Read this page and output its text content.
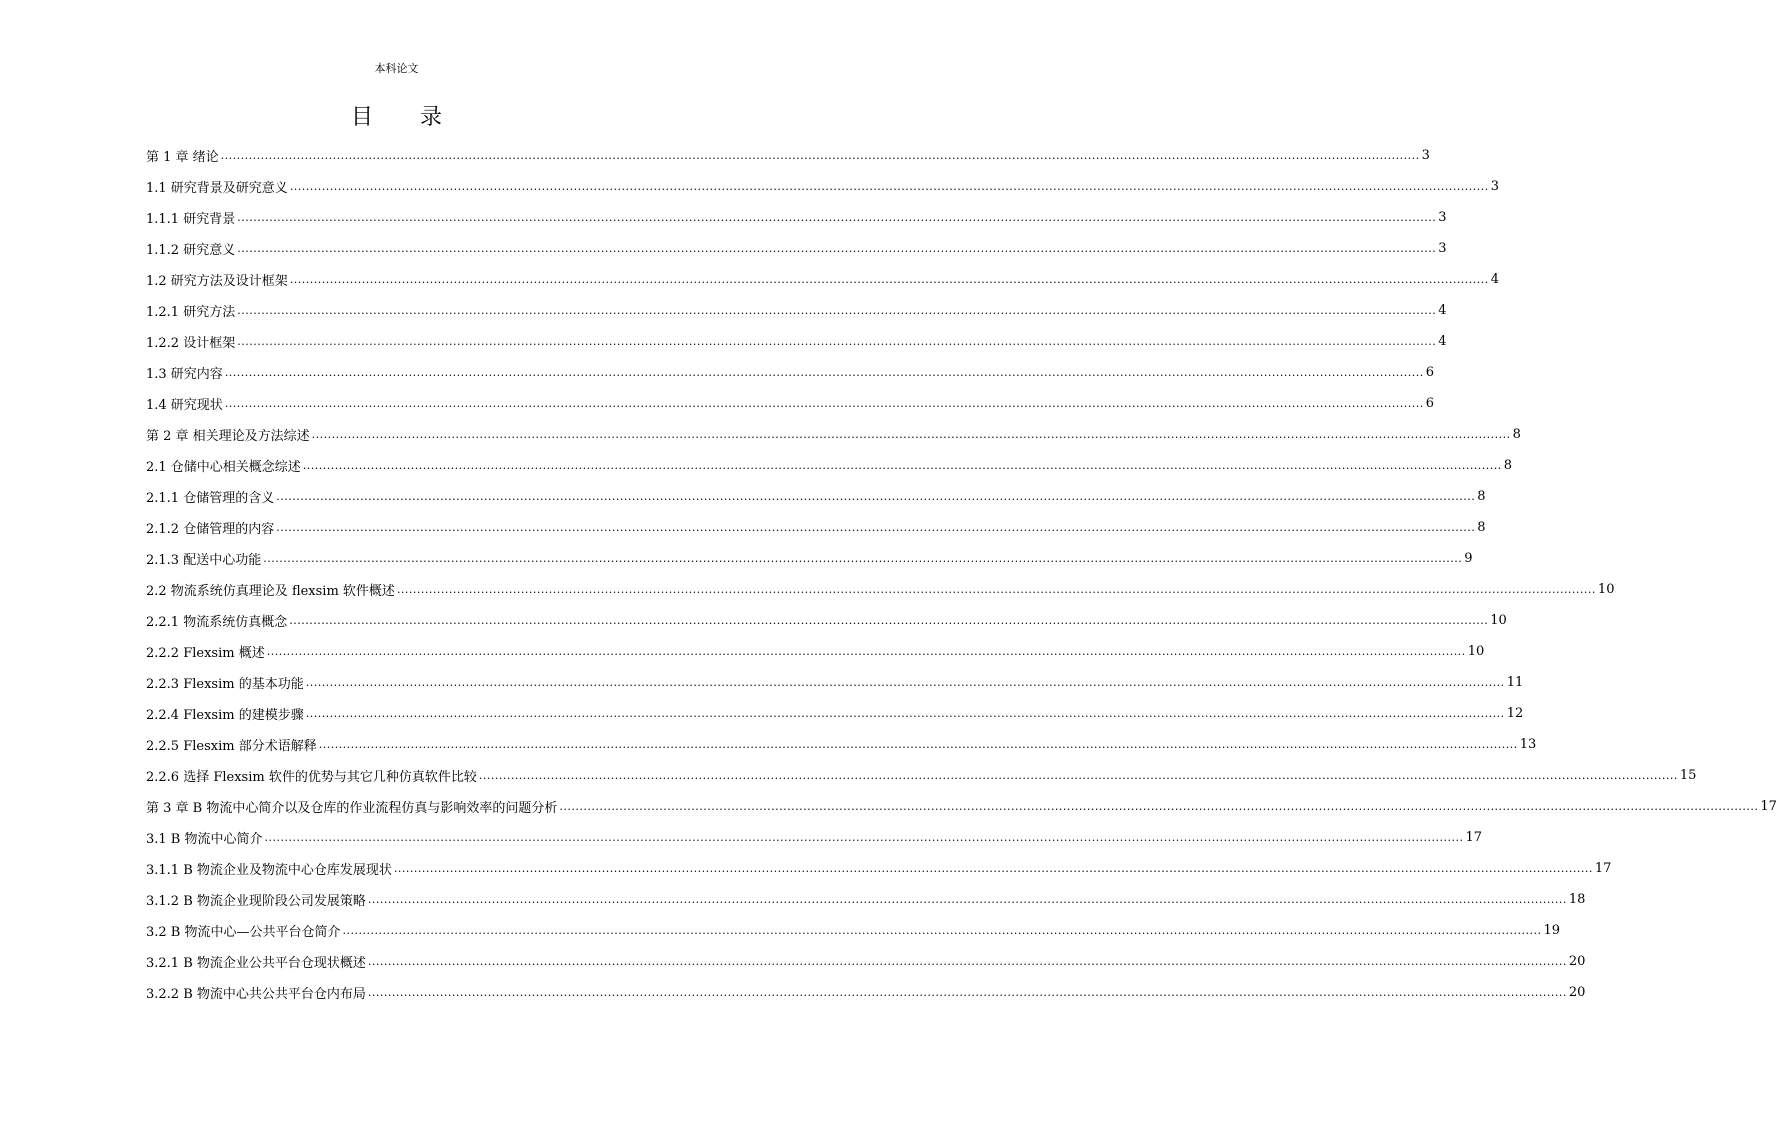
本科论文
目 录
第 1 章 绪论 ............................................................................................................................................................................................................................................................................................................ 3
1.1 研究背景及研究意义 ............................................................................................................................................................................................................................................................................................................ 3
1.1.1 研究背景 ............................................................................................................................................................................................................................................................................................................ 3
1.1.2 研究意义 ............................................................................................................................................................................................................................................................................................................ 3
1.2 研究方法及设计框架 ............................................................................................................................................................................................................................................................................................................ 4
1.2.1 研究方法 ............................................................................................................................................................................................................................................................................................................ 4
1.2.2 设计框架 ............................................................................................................................................................................................................................................................................................................ 4
1.3 研究内容 ............................................................................................................................................................................................................................................................................................................ 6
1.4 研究现状 ............................................................................................................................................................................................................................................................................................................ 6
第 2 章 相关理论及方法综述 ............................................................................................................................................................................................................................................................................................................ 8
2.1 仓储中心相关概念综述 ............................................................................................................................................................................................................................................................................................................ 8
2.1.1 仓储管理的含义 ............................................................................................................................................................................................................................................................................................................ 8
2.1.2 仓储管理的内容 ............................................................................................................................................................................................................................................................................................................ 8
2.1.3 配送中心功能 ............................................................................................................................................................................................................................................................................................................ 9
2.2 物流系统仿真理论及 flexsim 软件概述 ............................................................................................................................................................................................................................................................................................................ 10
2.2.1 物流系统仿真概念 ............................................................................................................................................................................................................................................................................................................ 10
2.2.2 Flexsim 概述 ............................................................................................................................................................................................................................................................................................................ 10
2.2.3 Flexsim 的基本功能 ............................................................................................................................................................................................................................................................................................................ 11
2.2.4 Flexsim 的建模步骤 ............................................................................................................................................................................................................................................................................................................ 12
2.2.5 Flesxim 部分术语解释 ............................................................................................................................................................................................................................................................................................................ 13
2.2.6 选择 Flexsim 软件的优势与其它几种仿真软件比较 ............................................................................................................................................................................................................................................................................................................ 15
第 3 章 B 物流中心简介以及仓库的作业流程仿真与影响效率的问题分析 ............................................................................................................................................................................................................................................................................................................ 17
3.1 B 物流中心简介 ............................................................................................................................................................................................................................................................................................................ 17
3.1.1 B 物流企业及物流中心仓库发展现状 ............................................................................................................................................................................................................................................................................................................ 17
3.1.2 B 物流企业现阶段公司发展策略 ............................................................................................................................................................................................................................................................................................................ 18
3.2 B 物流中心—公共平台仓简介 ............................................................................................................................................................................................................................................................................................................ 19
3.2.1 B 物流企业公共平台仓现状概述 ............................................................................................................................................................................................................................................................................................................ 20
3.2.2 B 物流中心共公共平台仓内布局 ............................................................................................................................................................................................................................................................................................................ 20
